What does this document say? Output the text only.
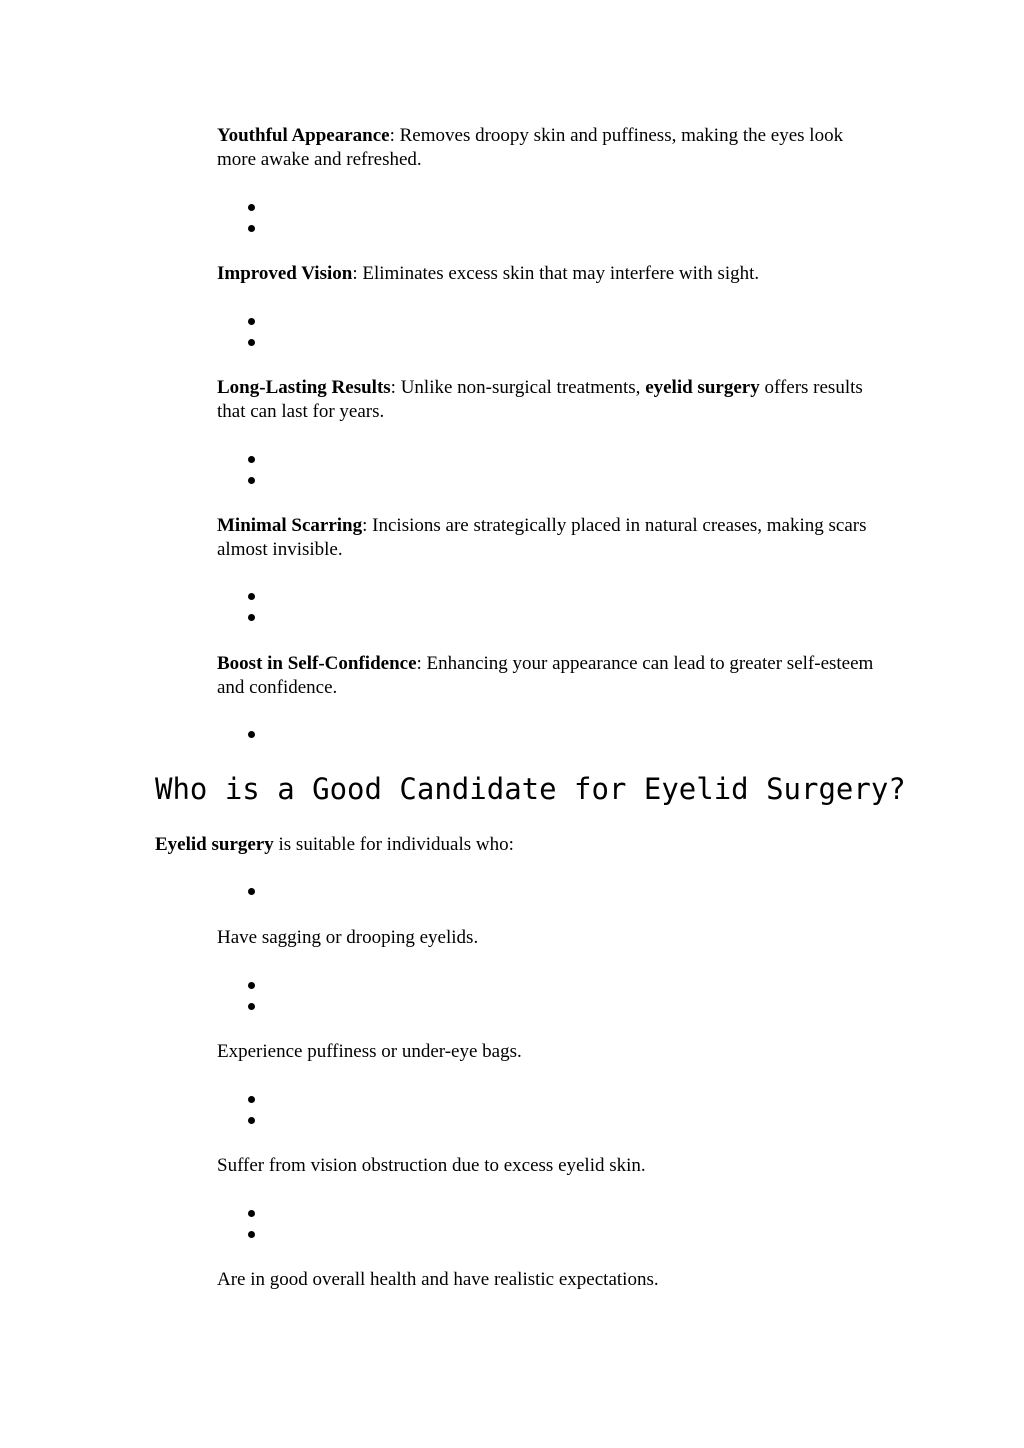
Youthful Appearance: Removes droopy skin and puffiness, making the eyes look more awake and refreshed.

Improved Vision: Eliminates excess skin that may interfere with sight.

Long-Lasting Results: Unlike non-surgical treatments, eyelid surgery offers results that can last for years.

Minimal Scarring: Incisions are strategically placed in natural creases, making scars almost invisible.

Boost in Self-Confidence: Enhancing your appearance can lead to greater self-esteem and confidence.

Who is a Good Candidate for Eyelid Surgery?

Eyelid surgery is suitable for individuals who:

Have sagging or drooping eyelids.

Experience puffiness or under-eye bags.

Suffer from vision obstruction due to excess eyelid skin.

Are in good overall health and have realistic expectations.
